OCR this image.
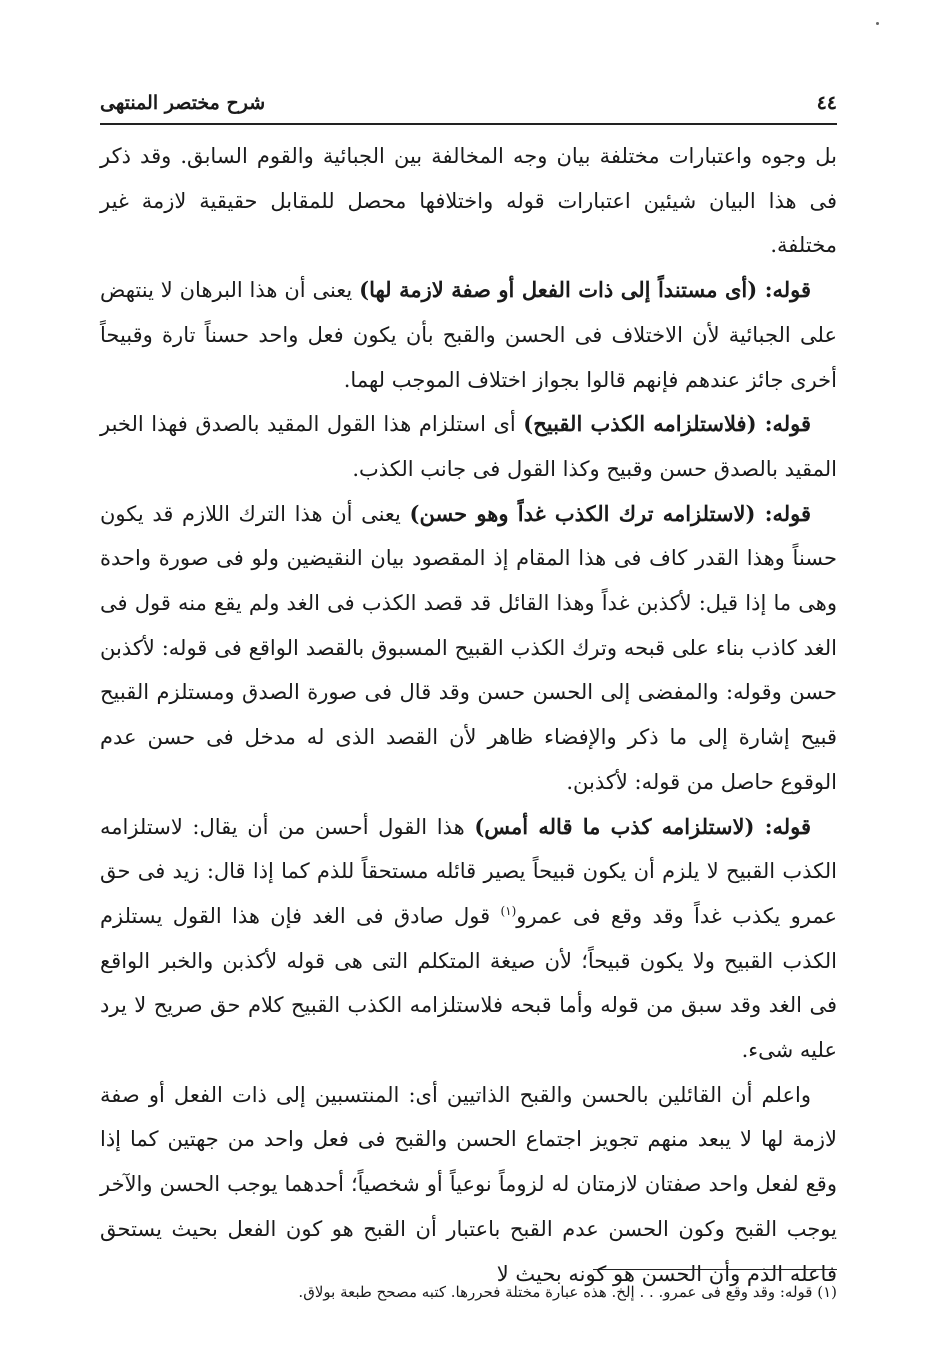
٤٤
شرح مختصر المنتهى

بل وجوه واعتبارات مختلفة بيان وجه المخالفة بين الجبائية والقوم السابق. وقد ذكر فى هذا البيان شيئين اعتبارات قوله واختلافها محصل للمقابل حقيقية لازمة غير مختلفة.

قوله: (أى مستنداً إلى ذات الفعل أو صفة لازمة لها) يعنى أن هذا البرهان لا ينتهض على الجبائية لأن الاختلاف فى الحسن والقبح بأن يكون فعل واحد حسناً تارة وقبيحاً أخرى جائز عندهم فإنهم قالوا بجواز اختلاف الموجب لهما.

قوله: (فلاستلزامه الكذب القبيح) أى استلزام هذا القول المقيد بالصدق فهذا الخبر المقيد بالصدق حسن وقبيح وكذا القول فى جانب الكذب.

قوله: (لاستلزامه ترك الكذب غداً وهو حسن) يعنى أن هذا الترك اللازم قد يكون حسناً وهذا القدر كاف فى هذا المقام إذ المقصود بيان النقيضين ولو فى صورة واحدة وهى ما إذا قيل: لأكذبن غداً وهذا القائل قد قصد الكذب فى الغد ولم يقع منه قول فى الغد كاذب بناء على قبحه وترك الكذب القبيح المسبوق بالقصد الواقع فى قوله: لأكذبن حسن وقوله: والمفضى إلى الحسن حسن وقد قال فى صورة الصدق ومستلزم القبيح قبيح إشارة إلى ما ذكر والإفضاء ظاهر لأن القصد الذى له مدخل فى حسن عدم الوقوع حاصل من قوله: لأكذبن.

قوله: (لاستلزامه كذب ما قاله أمس) هذا القول أحسن من أن يقال: لاستلزامه الكذب القبيح لا يلزم أن يكون قبيحاً يصير قائله مستحقاً للذم كما إذا قال: زيد فى حق عمرو يكذب غداً وقد وقع فى عمرو$^{(١)}$ قول صادق فى الغد فإن هذا القول يستلزم الكذب القبيح ولا يكون قبيحاً؛ لأن صيغة المتكلم التى هى قوله لأكذبن والخبر الواقع فى الغد وقد سبق من قوله وأما قبحه فلاستلزامه الكذب القبيح كلام حق صريح لا يرد عليه شىء.

واعلم أن القائلين بالحسن والقبح الذاتيين أى: المنتسبين إلى ذات الفعل أو صفة لازمة لها لا يبعد منهم تجويز اجتماع الحسن والقبح فى فعل واحد من جهتين كما إذا وقع لفعل واحد صفتان لازمتان له لزوماً نوعياً أو شخصياً؛ أحدهما يوجب الحسن والآخر يوجب القبح وكون الحسن عدم القبح باعتبار أن القبح هو كون الفعل بحيث يستحق فاعله الذم وأن الحسن هو كونه بحيث لا

(١) قوله: وقد وقع فى عمرو. . . إلخ. هذه عبارة مختلة فحررها. كتبه مصحح طبعة بولاق.
